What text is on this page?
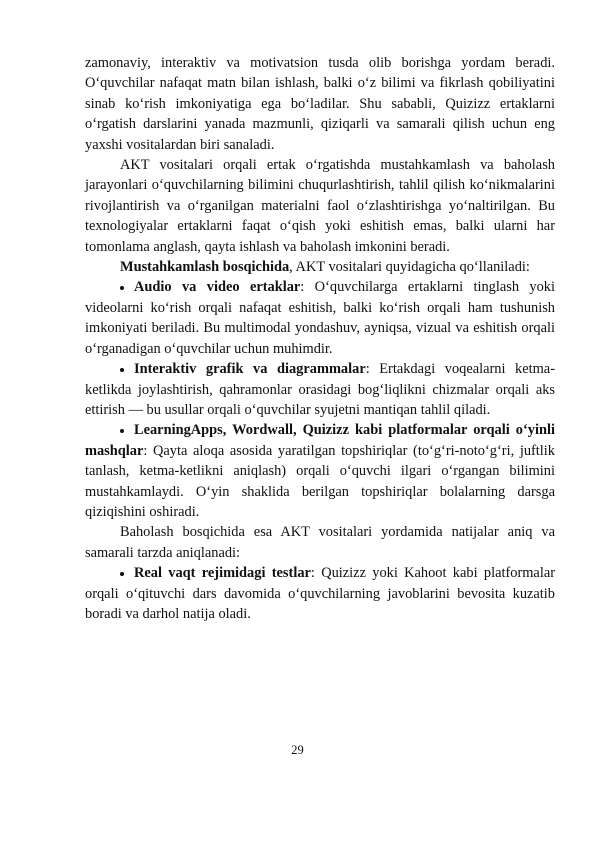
zamonaviy, interaktiv va motivatsion tusda olib borishga yordam beradi. O‘quvchilar nafaqat matn bilan ishlash, balki o‘z bilimi va fikrlash qobiliyatini sinab ko‘rish imkoniyatiga ega bo‘ladilar. Shu sababli, Quizizz ertaklarni o‘rgatish darslarini yanada mazmunli, qiziqarli va samarali qilish uchun eng yaxshi vositalardan biri sanaladi.

AKT vositalari orqali ertak o‘rgatishda mustahkamlash va baholash jarayonlari o‘quvchilarning bilimini chuqurlashtirish, tahlil qilish ko‘nikmalarini rivojlantirish va o‘rganilgan materialni faol o‘zlashtirishga yo‘naltirilgan. Bu texnologiyalar ertaklarni faqat o‘qish yoki eshitish emas, balki ularni har tomonlama anglash, qayta ishlash va baholash imkonini beradi.

Mustahkamlash bosqichida, AKT vositalari quyidagicha qo‘llaniladi:

Audio va video ertaklar: O‘quvchilarga ertaklarni tinglash yoki videolarni ko‘rish orqali nafaqat eshitish, balki ko‘rish orqali ham tushunish imkoniyati beriladi. Bu multimodal yondashuv, ayniqsa, vizual va eshitish orqali o‘rganadigan o‘quvchilar uchun muhimdir.

Interaktiv grafik va diagrammalar: Ertakdagi voqealarni ketma-ketlikda joylashtirish, qahramonlar orasidagi bog‘liqlikni chizmalar orqali aks ettirish — bu usullar orqali o‘quvchilar syujetni mantiqan tahlil qiladi.

LearningApps, Wordwall, Quizizz kabi platformalar orqali o‘yinli mashqlar: Qayta aloqa asosida yaratilgan topshiriqlar (to‘g‘ri-noto‘g‘ri, juftlik tanlash, ketma-ketlikni aniqlash) orqali o‘quvchi ilgari o‘rgangan bilimini mustahkamlaydi. O‘yin shaklida berilgan topshiriqlar bolalarning darsga qiziqishini oshiradi.

Baholash bosqichida esa AKT vositalari yordamida natijalar aniq va samarali tarzda aniqlanadi:

Real vaqt rejimidagi testlar: Quizizz yoki Kahoot kabi platformalar orqali o‘qituvchi dars davomida o‘quvchilarning javoblarini bevosita kuzatib boradi va darhol natija oladi.

29
